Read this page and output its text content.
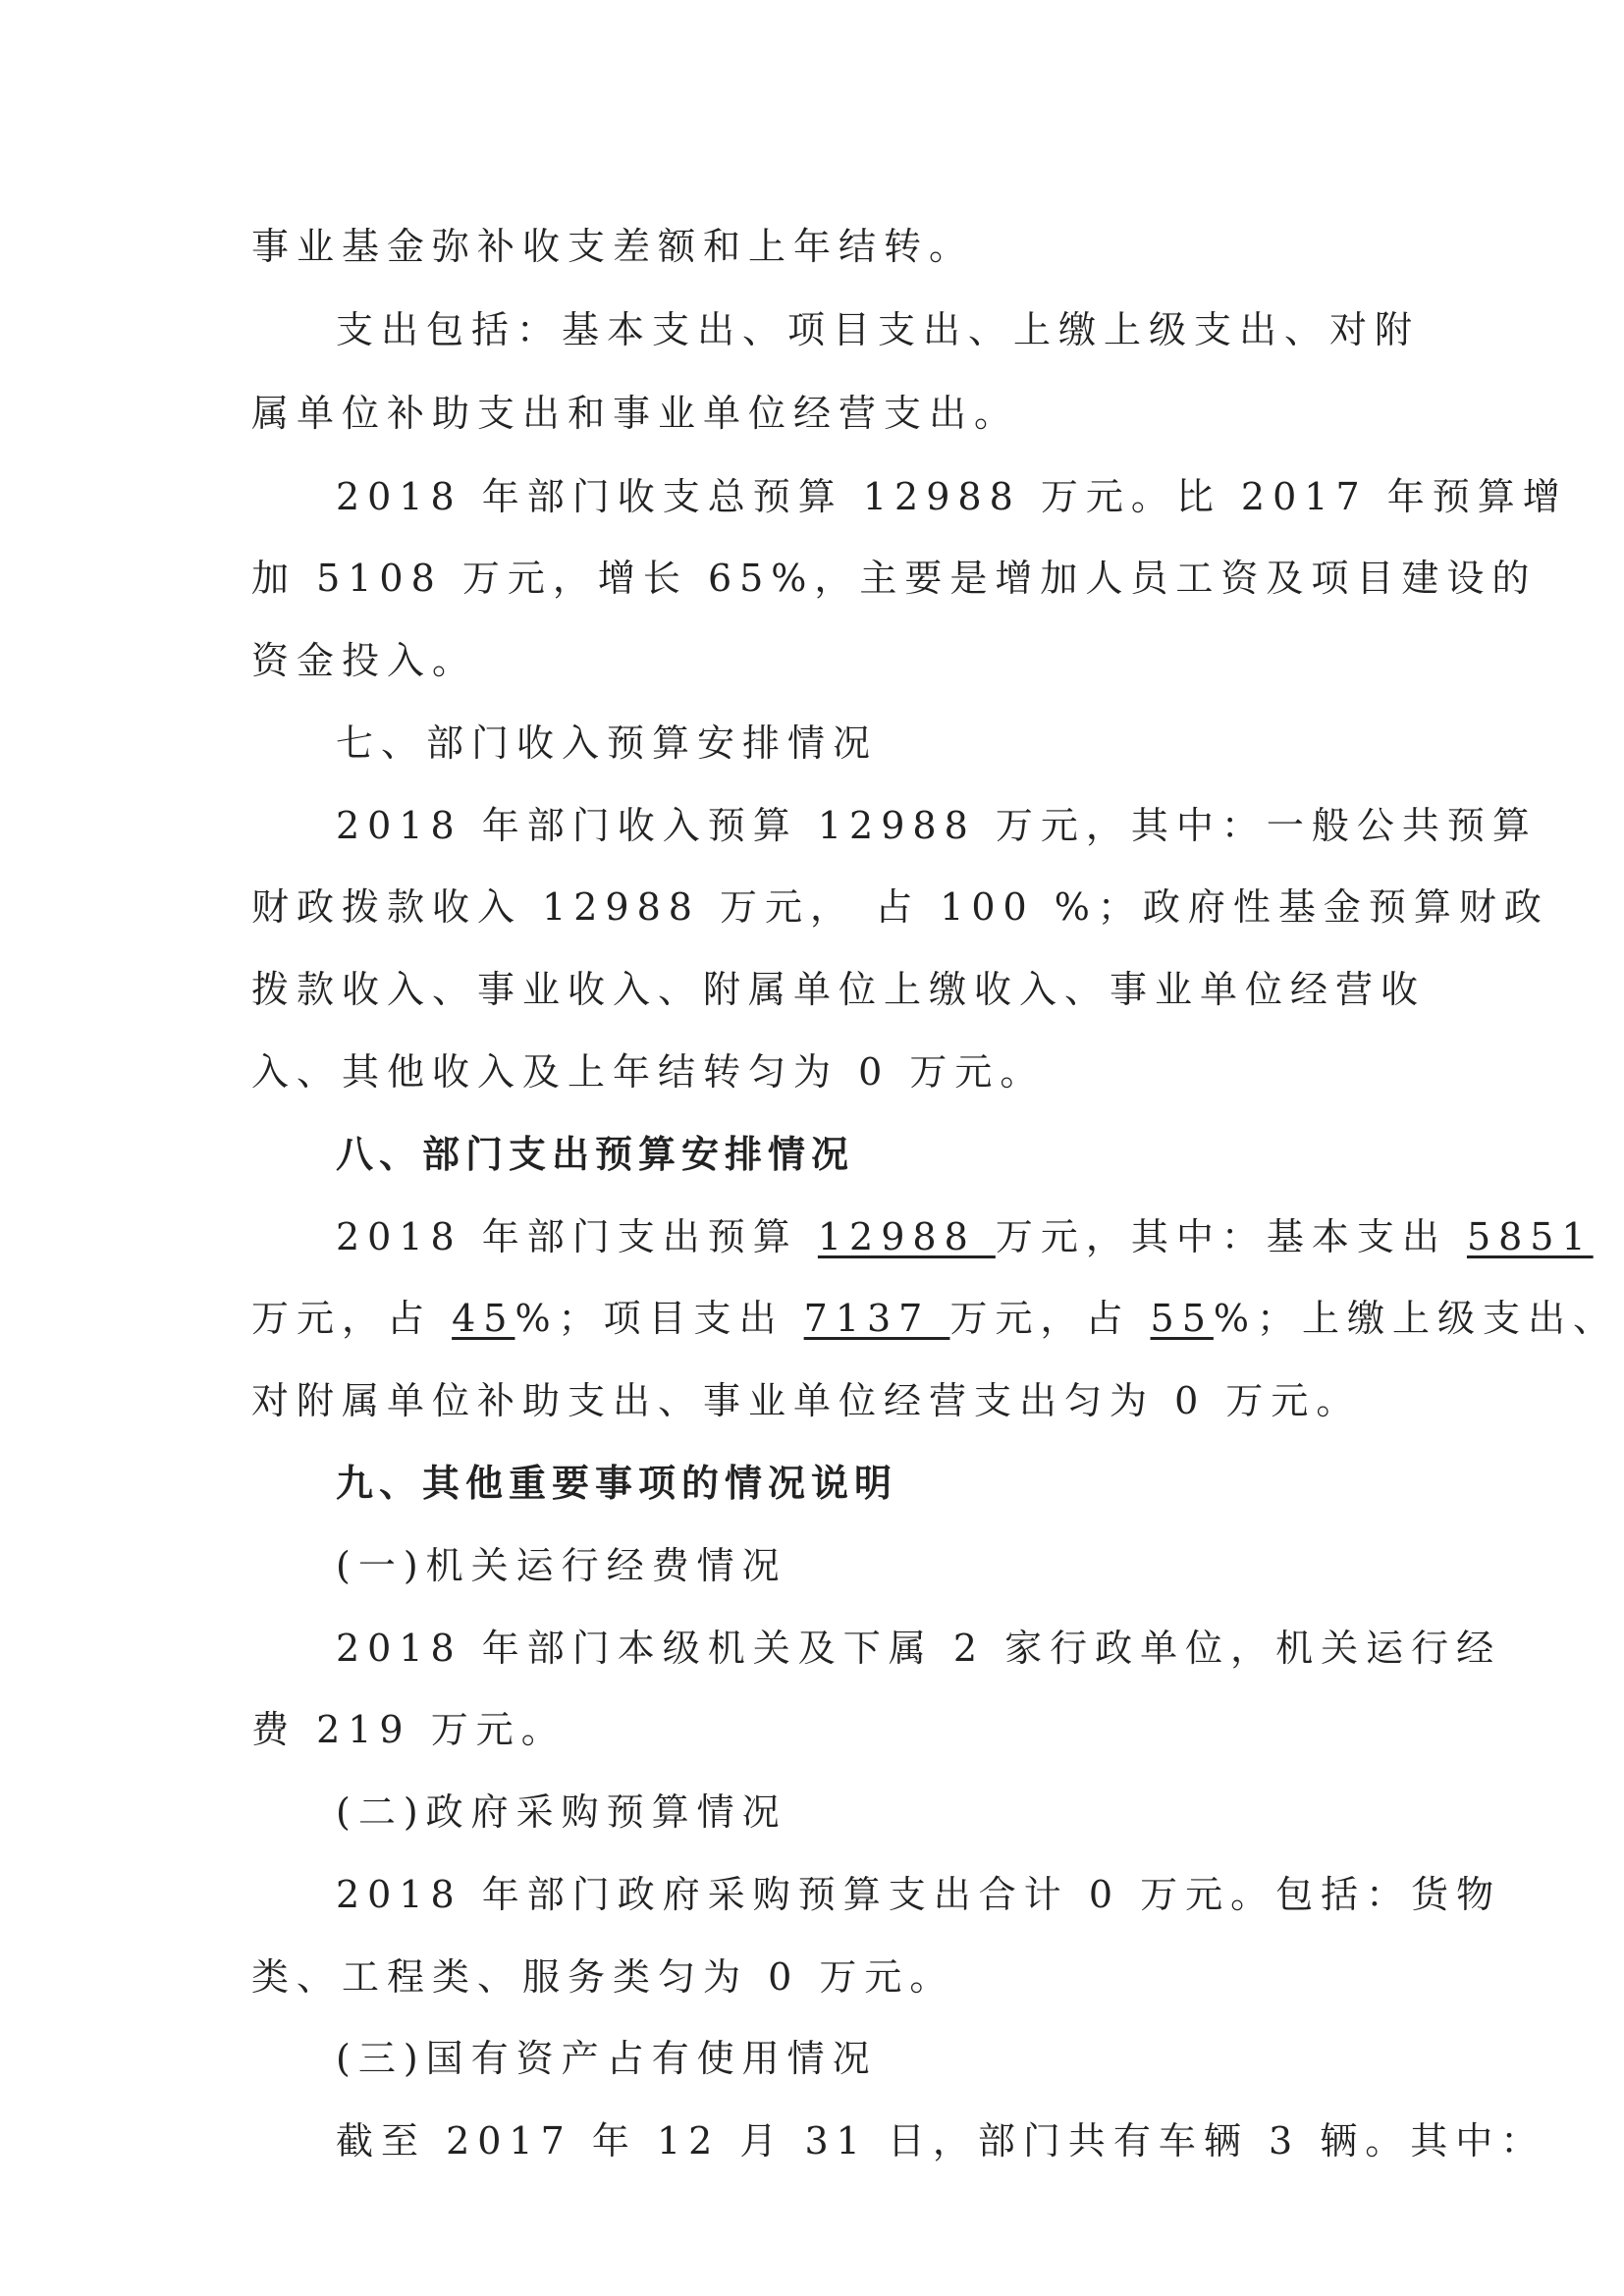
事业基金弥补收支差额和上年结转。
支出包括：基本支出、项目支出、上缴上级支出、对附
属单位补助支出和事业单位经营支出。
2018 年部门收支总预算 12988 万元。比 2017 年预算增
加 5108 万元，增长 65%，主要是增加人员工资及项目建设的
资金投入。
七、部门收入预算安排情况
2018 年部门收入预算 12988 万元，其中：一般公共预算
财政拨款收入 12988 万元， 占 100 %；政府性基金预算财政
拨款收入、事业收入、附属单位上缴收入、事业单位经营收
入、其他收入及上年结转匀为 0 万元。
八、部门支出预算安排情况
2018 年部门支出预算 12988 万元，其中：基本支出 5851
万元，占 45%；项目支出 7137 万元，占 55%；上缴上级支出、
对附属单位补助支出、事业单位经营支出匀为 0 万元。
九、其他重要事项的情况说明
(一)机关运行经费情况
2018 年部门本级机关及下属 2 家行政单位，机关运行经
费 219 万元。
(二)政府采购预算情况
2018 年部门政府采购预算支出合计 0 万元。包括：货物
类、工程类、服务类匀为 0 万元。
(三)国有资产占有使用情况
截至 2017 年 12 月 31 日，部门共有车辆 3 辆。其中：
